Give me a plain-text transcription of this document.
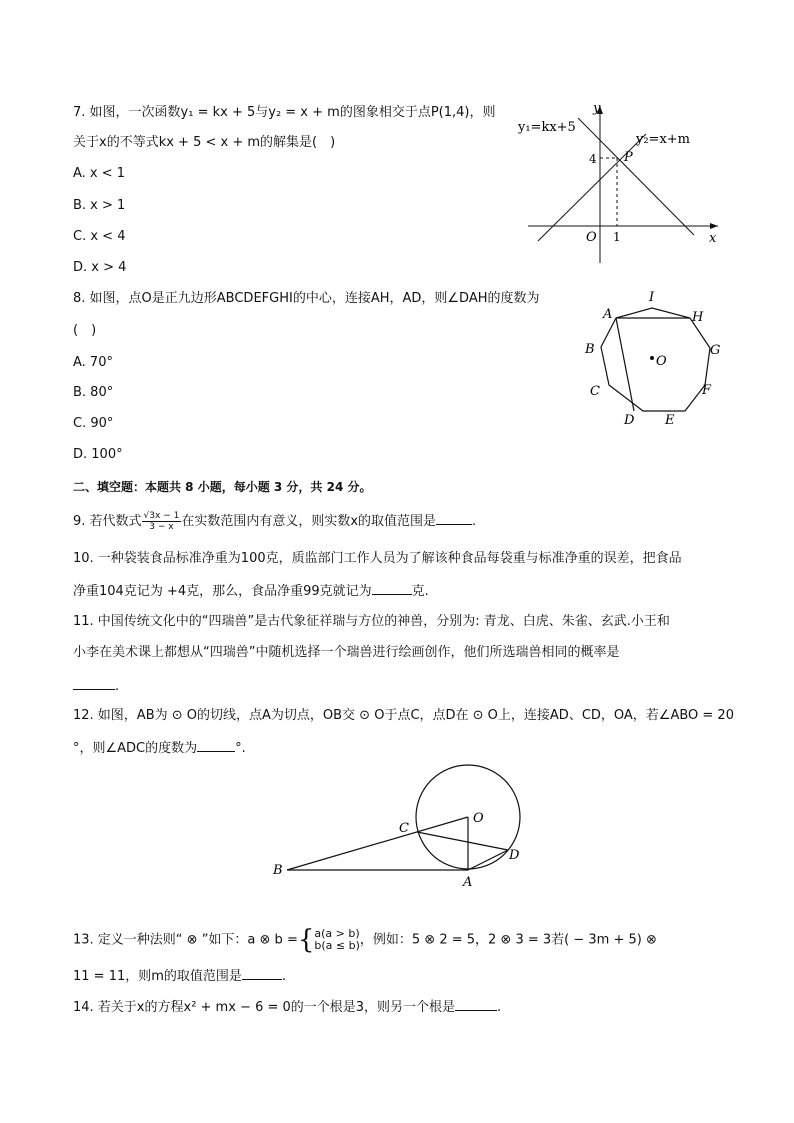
7. 如图，一次函数y₁ = kx + 5与y₂ = x + m的图象相交于点P(1,4)，则
关于x的不等式kx + 5 < x + m的解集是(　)
A. x < 1
B. x > 1
C. x < 4
D. x > 4
y
x
O 1
4 P
y₁=kx+5
y₂=x+m
8. 如图，点O是正九边形ABCDEFGHI的中心，连接AH，AD，则∠DAH的度数为
(　)
A. 70°
B. 80°
C. 90°
D. 100°
A
B
C
D E
F
G
H
I
O
二、填空题：本题共 8 小题，每小题 3 分，共 24 分。
9. 若代数式 $\frac{√3x - 1}{3 - x}$ 在实数范围内有意义，则实数x的取值范围是	.
10. 一种袋装食品标准净重为100克，质监部门工作人员为了解该种食品每袋重与标准净重的误差，把食品
净重104克记为 +4克，那么，食品净重99克就记为	克.
11. 中国传统文化中的“四瑞兽”是古代象征祥瑞与方位的神兽，分别为: 青龙、白虎、朱雀、玄武.小王和
小李在美术课上都想从“四瑞兽”中随机选择一个瑞兽进行绘画创作，他们所选瑞兽相同的概率是
.
12. 如图，AB为 ⊙ O的切线，点A为切点，OB交 ⊙ O于点C，点D在 ⊙ O上，连接AD、CD，OA，若∠ABO = 20
°，则∠ADC的度数为	°.
B
C
O
D
A
13. 定义一种法则“ ⊗ ”如下：a ⊗ b ={ a(a > b)
b(a ≤ b) ，例如：5 ⊗ 2 = 5，2 ⊗ 3 = 3若( − 3m + 5) ⊗
11 = 11，则m的取值范围是	.
14. 若关于x的方程x² + mx − 6 = 0的一个根是3，则另一个根是	.
